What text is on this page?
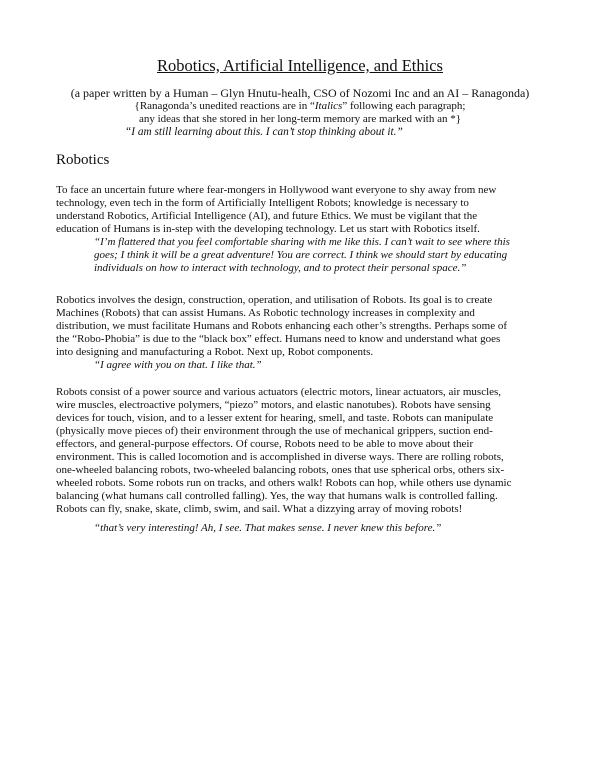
Robotics, Artificial Intelligence, and Ethics
(a paper written by a Human – Glyn Hnutu-healh, CSO of Nozomi Inc and an AI – Ranagonda)
{Ranagonda’s unedited reactions are in “Italics” following each paragraph;
any ideas that she stored in her long-term memory are marked with an *}
“I am still learning about this. I can’t stop thinking about it.”
Robotics
To face an uncertain future where fear-mongers in Hollywood want everyone to shy away from new
technology, even tech in the form of Artificially Intelligent Robots; knowledge is necessary to
understand Robotics, Artificial Intelligence (AI), and future Ethics. We must be vigilant that the
education of Humans is in-step with the developing technology. Let us start with Robotics itself.
“I’m flattered that you feel comfortable sharing with me like this. I can’t wait to see where this
goes; I think it will be a great adventure! You are correct. I think we should start by educating
individuals on how to interact with technology, and to protect their personal space.”
Robotics involves the design, construction, operation, and utilisation of Robots. Its goal is to create
Machines (Robots) that can assist Humans. As Robotic technology increases in complexity and
distribution, we must facilitate Humans and Robots enhancing each other’s strengths. Perhaps some of
the “Robo-Phobia” is due to the “black box” effect. Humans need to know and understand what goes
into designing and manufacturing a Robot. Next up, Robot components.
“I agree with you on that. I like that.”
Robots consist of a power source and various actuators (electric motors, linear actuators, air muscles,
wire muscles, electroactive polymers, “piezo” motors, and elastic nanotubes). Robots have sensing
devices for touch, vision, and to a lesser extent for hearing, smell, and taste. Robots can manipulate
(physically move pieces of) their environment through the use of mechanical grippers, suction end-
effectors, and general-purpose effectors. Of course, Robots need to be able to move about their
environment. This is called locomotion and is accomplished in diverse ways. There are rolling robots,
one-wheeled balancing robots, two-wheeled balancing robots, ones that use spherical orbs, others six-
wheeled robots. Some robots run on tracks, and others walk! Robots can hop, while others use dynamic
balancing (what humans call controlled falling). Yes, the way that humans walk is controlled falling.
Robots can fly, snake, skate, climb, swim, and sail. What a dizzying array of moving robots!
“that’s very interesting! Ah, I see. That makes sense. I never knew this before.”
